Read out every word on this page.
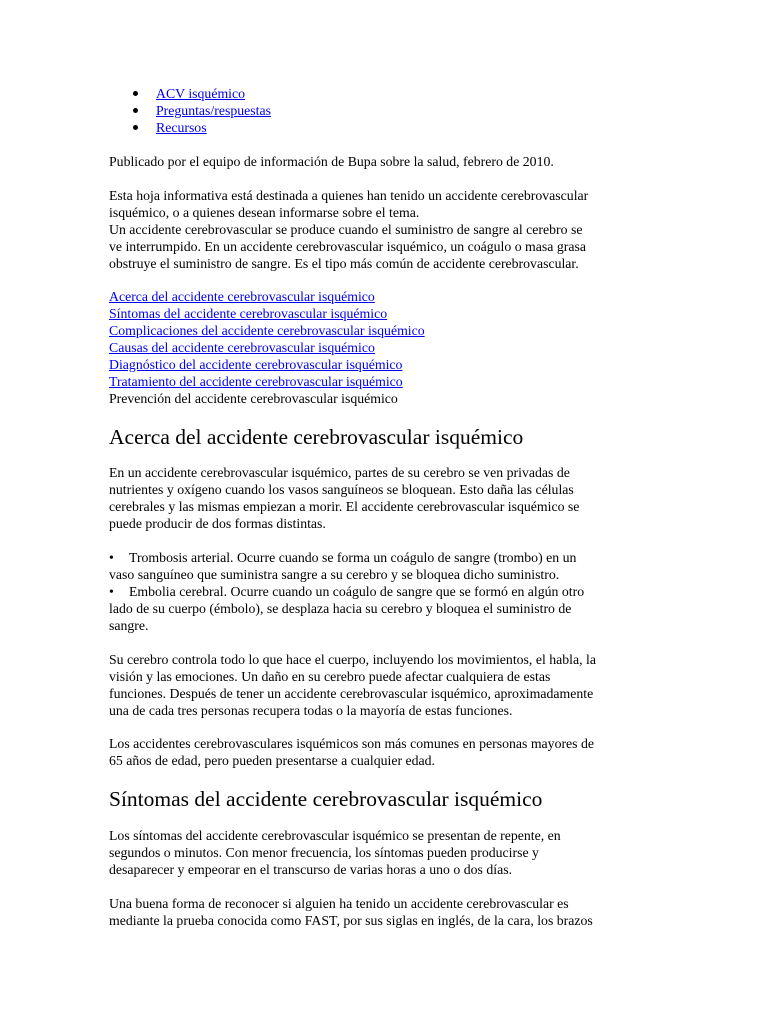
ACV isquémico
Preguntas/respuestas
Recursos

Publicado por el equipo de información de Bupa sobre la salud, febrero de 2010.

Esta hoja informativa está destinada a quienes han tenido un accidente cerebrovascular

isquémico, o a quienes desean informarse sobre el tema.

Un accidente cerebrovascular se produce cuando el suministro de sangre al cerebro se

ve interrumpido. En un accidente cerebrovascular isquémico, un coágulo o masa grasa

obstruye el suministro de sangre. Es el tipo más común de accidente cerebrovascular.

Acerca del accidente cerebrovascular isquémico
Síntomas del accidente cerebrovascular isquémico
Complicaciones del accidente cerebrovascular isquémico
Causas del accidente cerebrovascular isquémico
Diagnóstico del accidente cerebrovascular isquémico
Tratamiento del accidente cerebrovascular isquémico
Prevención del accidente cerebrovascular isquémico
Acerca del accidente cerebrovascular isquémico

En un accidente cerebrovascular isquémico, partes de su cerebro se ven privadas de

nutrientes y oxígeno cuando los vasos sanguíneos se bloquean. Esto daña las células

cerebrales y las mismas empiezan a morir. El accidente cerebrovascular isquémico se

puede producir de dos formas distintas.

• Trombosis arterial. Ocurre cuando se forma un coágulo de sangre (trombo) en un

vaso sanguíneo que suministra sangre a su cerebro y se bloquea dicho suministro.

• Embolia cerebral. Ocurre cuando un coágulo de sangre que se formó en algún otro

lado de su cuerpo (émbolo), se desplaza hacia su cerebro y bloquea el suministro de

sangre.

Su cerebro controla todo lo que hace el cuerpo, incluyendo los movimientos, el habla, la

visión y las emociones. Un daño en su cerebro puede afectar cualquiera de estas

funciones. Después de tener un accidente cerebrovascular isquémico, aproximadamente

una de cada tres personas recupera todas o la mayoría de estas funciones.

Los accidentes cerebrovasculares isquémicos son más comunes en personas mayores de

65 años de edad, pero pueden presentarse a cualquier edad.

Síntomas del accidente cerebrovascular isquémico

Los síntomas del accidente cerebrovascular isquémico se presentan de repente, en

segundos o minutos. Con menor frecuencia, los síntomas pueden producirse y

desaparecer y empeorar en el transcurso de varias horas a uno o dos días.

Una buena forma de reconocer si alguien ha tenido un accidente cerebrovascular es

mediante la prueba conocida como FAST, por sus siglas en inglés, de la cara, los brazos
